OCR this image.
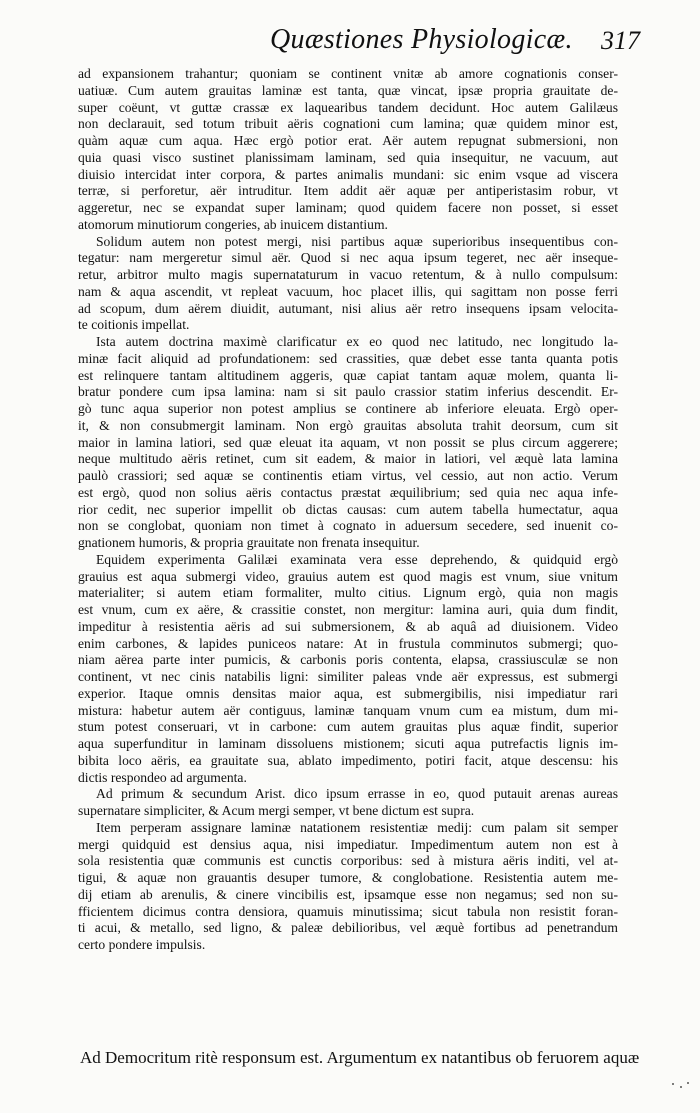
Quæstiones Physiologicæ. 317
ad expansionem trahantur; quoniam se continent vnitæ ab amore cognationis conser-
uatiuæ. Cum autem grauitas laminæ est tanta, quæ vincat, ipsæ propria grauitate de-
super coëunt, vt guttæ crassæ ex laquearibus tandem decidunt. Hoc autem Galilæus
non declarauit, sed totum tribuit aëris cognationi cum lamina; quæ quidem minor est,
quàm aquæ cum aqua. Hæc ergò potior erat. Aër autem repugnat submersioni, non
quia quasi visco sustinet planissimam laminam, sed quia insequitur, ne vacuum, aut
diuisio intercidat inter corpora, & partes animalis mundani: sic enim vsque ad viscera
terræ, si perforetur, aër intruditur. Item addit aër aquæ per antiperistasim robur, vt
aggeretur, nec se expandat super laminam; quod quidem facere non posset, si esset
atomorum minutiorum congeries, ab inuicem distantium.
Solidum autem non potest mergi, nisi partibus aquæ superioribus insequentibus con-
tegatur: nam mergeretur simul aër. Quod si nec aqua ipsum tegeret, nec aër inseque-
retur, arbitror multo magis supernataturum in vacuo retentum, & à nullo compulsum:
nam & aqua ascendit, vt repleat vacuum, hoc placet illis, qui sagittam non posse ferri
ad scopum, dum aërem diuidit, autumant, nisi alius aër retro insequens ipsam velocita-
te coitionis impellat.
Ista autem doctrina maximè clarificatur ex eo quod nec latitudo, nec longitudo la-
minæ facit aliquid ad profundationem: sed crassities, quæ debet esse tanta quanta potis
est relinquere tantam altitudinem aggeris, quæ capiat tantam aquæ molem, quanta li-
bratur pondere cum ipsa lamina: nam si sit paulo crassior statim inferius descendit. Er-
gò tunc aqua superior non potest amplius se continere ab inferiore eleuata. Ergò oper-
it, & non consubmergit laminam. Non ergò grauitas absoluta trahit deorsum, cum sit
maior in lamina latiori, sed quæ eleuat ita aquam, vt non possit se plus circum aggerere;
neque multitudo aëris retinet, cum sit eadem, & maior in latiori, vel æquè lata lamina
paulò crassiori; sed aquæ se continentis etiam virtus, vel cessio, aut non actio. Verum
est ergò, quod non solius aëris contactus præstat æquilibrium; sed quia nec aqua infe-
rior cedit, nec superior impellit ob dictas causas: cum autem tabella humectatur, aqua
non se conglobat, quoniam non timet à cognato in aduersum secedere, sed inuenit co-
gnationem humoris, & propria grauitate non frenata insequitur.
Equidem experimenta Galilæi examinata vera esse deprehendo, & quidquid ergò
grauius est aqua submergi video, grauius autem est quod magis est vnum, siue vnitum
materialiter; si autem etiam formaliter, multo citius. Lignum ergò, quia non magis
est vnum, cum ex aëre, & crassitie constet, non mergitur: lamina auri, quia dum findit,
impeditur à resistentia aëris ad sui submersionem, & ab aquâ ad diuisionem. Video
enim carbones, & lapides puniceos natare: At in frustula comminutos submergi; quo-
niam aërea parte inter pumicis, & carbonis poris contenta, elapsa, crassiusculæ se non
continent, vt nec cinis natabilis ligni: similiter paleas vnde aër expressus, est submergi
experior. Itaque omnis densitas maior aqua, est submergibilis, nisi impediatur rari
mistura: habetur autem aër contiguus, laminæ tanquam vnum cum ea mistum, dum mi-
stum potest conseruari, vt in carbone: cum autem grauitas plus aquæ findit, superior
aqua superfunditur in laminam dissoluens mistionem; sicuti aqua putrefactis lignis im-
bibita loco aëris, ea grauitate sua, ablato impedimento, potiri facit, atque descensu: his
dictis respondeo ad argumenta.
Ad primum & secundum Arist. dico ipsum errasse in eo, quod putauit arenas aureas
supernatare simpliciter, & Acum mergi semper, vt bene dictum est supra.
Item perperam assignare laminæ natationem resistentiæ medij: cum palam sit semper
mergi quidquid est densius aqua, nisi impediatur. Impedimentum autem non est à
sola resistentia quæ communis est cunctis corporibus: sed à mistura aëris inditi, vel at-
tigui, & aquæ non grauantis desuper tumore, & conglobatione. Resistentia autem me-
dij etiam ab arenulis, & cinere vincibilis est, ipsamque esse non negamus; sed non su-
fficientem dicimus contra densiora, quamuis minutissima; sicut tabula non resistit foran-
ti acui, & metallo, sed ligno, & paleæ debilioribus, vel æquè fortibus ad penetrandum
certo pondere impulsis.
Ad Democritum ritè responsum est. Argumentum ex natantibus ob feruorem aquæ
